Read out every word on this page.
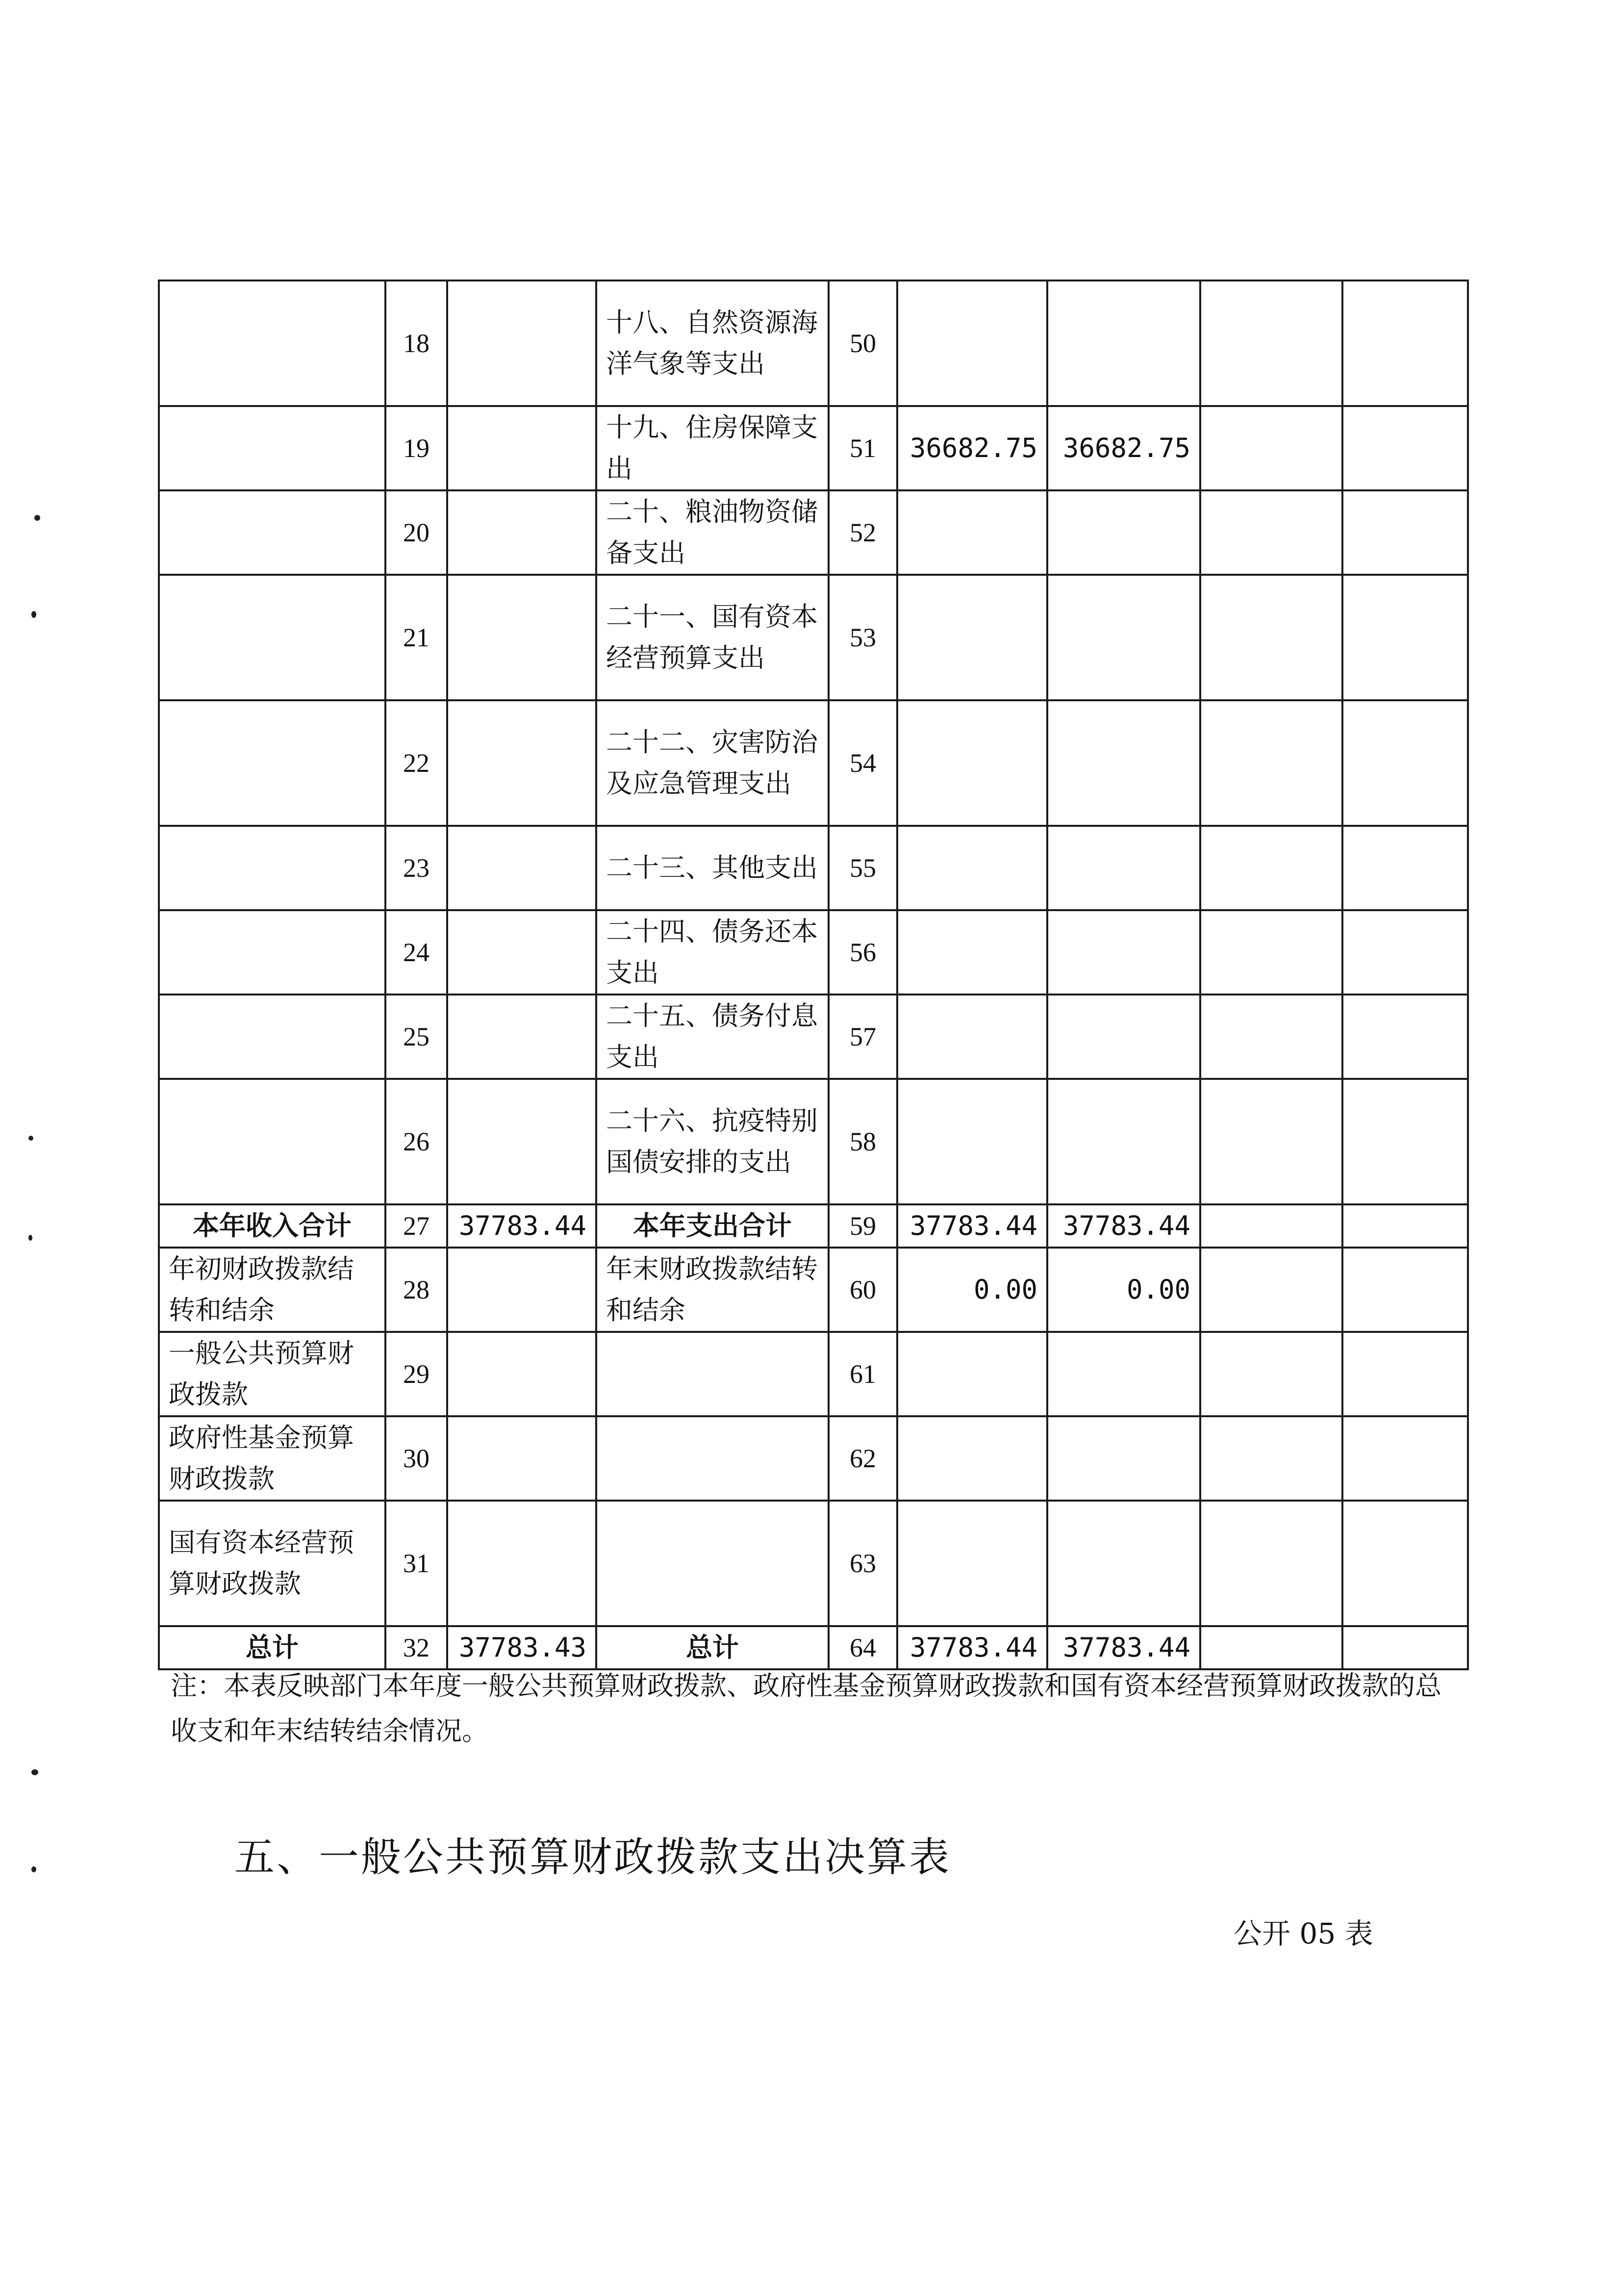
	18		十八、自然资源海洋气象等支出	50				
	19		十九、住房保障支出	51	36682.75	36682.75		
	20		二十、粮油物资储备支出	52				
	21		二十一、国有资本经营预算支出	53				
	22		二十二、灾害防治及应急管理支出	54				
	23		二十三、其他支出	55				
	24		二十四、债务还本支出	56				
	25		二十五、债务付息支出	57				
	26		二十六、抗疫特别国债安排的支出	58				
本年收入合计	27	37783.44	本年支出合计	59	37783.44	37783.44		
年初财政拨款结转和结余	28		年末财政拨款结转和结余	60	0.00	0.00		
一般公共预算财政拨款	29			61				
政府性基金预算财政拨款	30			62				
国有资本经营预算财政拨款	31			63				
总计	32	37783.43	总计	64	37783.44	37783.44		

注：本表反映部门本年度一般公共预算财政拨款、政府性基金预算财政拨款和国有资本经营预算财政拨款的总收支和年末结转结余情况。

五、一般公共预算财政拨款支出决算表

公开 05 表
